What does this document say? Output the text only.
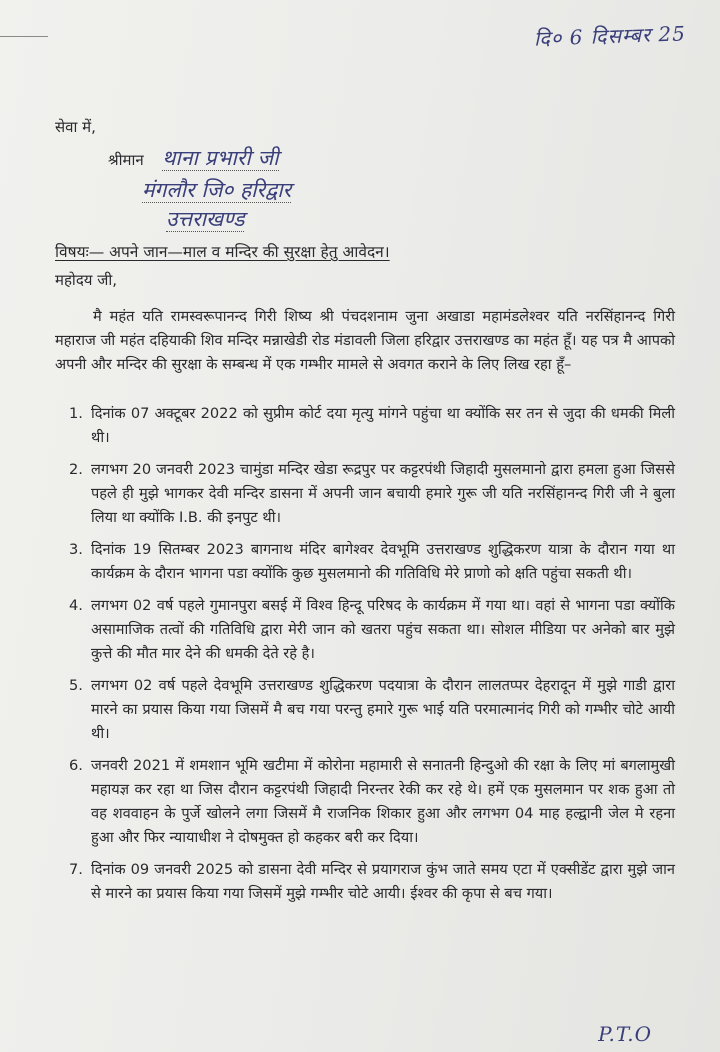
दि० 6 दिसम्बर 25
सेवा में,
श्रीमान थाना प्रभारी जी
मंगलौर जि० हरिद्वार
उत्तराखण्ड
विषयः— अपने जान—माल व मन्दिर की सुरक्षा हेतु आवेदन।
महोदय जी,

मै महंत यति रामस्वरूपानन्द गिरी शिष्य श्री पंचदशनाम जुना अखाडा महामंडलेश्वर यति नरसिंहानन्द गिरी महाराज जी महंत दहियाकी शिव मन्दिर मन्नाखेडी रोड मंडावली जिला हरिद्वार उत्तराखण्ड का महंत हूँ। यह पत्र मै आपको अपनी और मन्दिर की सुरक्षा के सम्बन्ध में एक गम्भीर मामले से अवगत कराने के लिए लिख रहा हूँ–

1. दिनांक 07 अक्टूबर 2022 को सुप्रीम कोर्ट दया मृत्यु मांगने पहुंचा था क्योंकि सर तन से जुदा की धमकी मिली थी।
2. लगभग 20 जनवरी 2023 चामुंडा मन्दिर खेडा रूद्रपुर पर कट्टरपंथी जिहादी मुसलमानो द्वारा हमला हुआ जिससे पहले ही मुझे भागकर देवी मन्दिर डासना में अपनी जान बचायी हमारे गुरू जी यति नरसिंहानन्द गिरी जी ने बुला लिया था क्योंकि I.B. की इनपुट थी।
3. दिनांक 19 सितम्बर 2023 बागनाथ मंदिर बागेश्वर देवभूमि उत्तराखण्ड शुद्धिकरण यात्रा के दौरान गया था कार्यक्रम के दौरान भागना पडा क्योंकि कुछ मुसलमानो की गतिविधि मेरे प्राणो को क्षति पहुंचा सकती थी।
4. लगभग 02 वर्ष पहले गुमानपुरा बसई में विश्व हिन्दू परिषद के कार्यक्रम में गया था। वहां से भागना पडा क्योंकि असामाजिक तत्वों की गतिविधि द्वारा मेरी जान को खतरा पहुंच सकता था। सोशल मीडिया पर अनेको बार मुझे कुत्ते की मौत मार देने की धमकी देते रहे है।
5. लगभग 02 वर्ष पहले देवभूमि उत्तराखण्ड शुद्धिकरण पदयात्रा के दौरान लालतप्पर देहरादून में मुझे गाडी द्वारा मारने का प्रयास किया गया जिसमें मै बच गया परन्तु हमारे गुरू भाई यति परमात्मानंद गिरी को गम्भीर चोटे आयी थी।
6. जनवरी 2021 में शमशान भूमि खटीमा में कोरोना महामारी से सनातनी हिन्दुओ की रक्षा के लिए मां बगलामुखी महायज्ञ कर रहा था जिस दौरान कट्टरपंथी जिहादी निरन्तर रेकी कर रहे थे। हमें एक मुसलमान पर शक हुआ तो वह शववाहन के पुर्जे खोलने लगा जिसमें मै राजनिक शिकार हुआ और लगभग 04 माह हल्द्वानी जेल मे रहना हुआ और फिर न्यायाधीश ने दोषमुक्त हो कहकर बरी कर दिया।
7. दिनांक 09 जनवरी 2025 को डासना देवी मन्दिर से प्रयागराज कुंभ जाते समय एटा में एक्सीडेंट द्वारा मुझे जान से मारने का प्रयास किया गया जिसमें मुझे गम्भीर चोटे आयी। ईश्वर की कृपा से बच गया।
P.T.O
